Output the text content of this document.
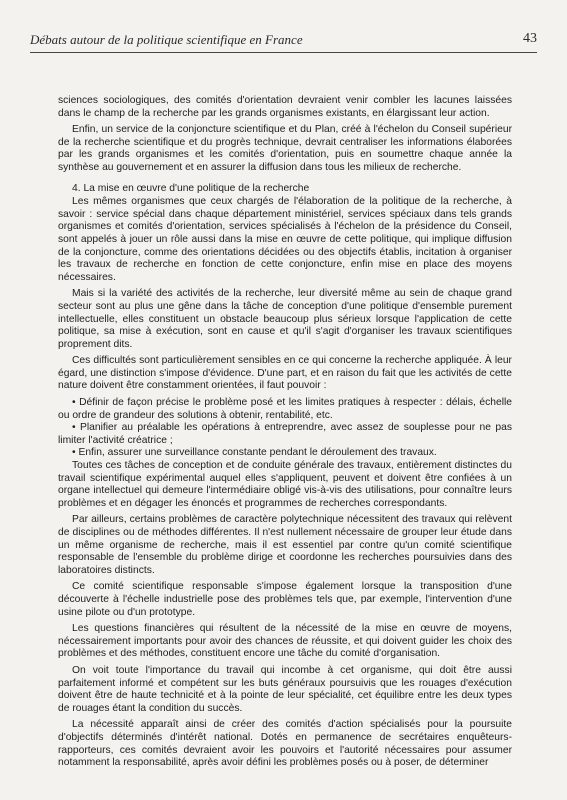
Débats autour de la politique scientifique en France	43

sciences sociologiques, des comités d'orientation devraient venir combler les lacunes laissées dans le champ de la recherche par les grands organismes existants, en élargissant leur action.

Enfin, un service de la conjoncture scientifique et du Plan, créé à l'échelon du Conseil supérieur de la recherche scientifique et du progrès technique, devrait centraliser les informations élaborées par les grands organismes et les comités d'orientation, puis en soumettre chaque année la synthèse au gouvernement et en assurer la diffusion dans tous les milieux de recherche.

4. La mise en œuvre d'une politique de la recherche

Les mêmes organismes que ceux chargés de l'élaboration de la politique de la recherche, à savoir : service spécial dans chaque département ministériel, services spéciaux dans tels grands organismes et comités d'orientation, services spécialisés à l'échelon de la présidence du Conseil, sont appelés à jouer un rôle aussi dans la mise en œuvre de cette politique, qui implique diffusion de la conjoncture, comme des orientations décidées ou des objectifs établis, incitation à organiser les travaux de recherche en fonction de cette conjoncture, enfin mise en place des moyens nécessaires.

Mais si la variété des activités de la recherche, leur diversité même au sein de chaque grand secteur sont au plus une gêne dans la tâche de conception d'une politique d'ensemble purement intellectuelle, elles constituent un obstacle beaucoup plus sérieux lorsque l'application de cette politique, sa mise à exécution, sont en cause et qu'il s'agit d'organiser les travaux scientifiques proprement dits.

Ces difficultés sont particulièrement sensibles en ce qui concerne la recherche appliquée. À leur égard, une distinction s'impose d'évidence. D'une part, et en raison du fait que les activités de cette nature doivent être constamment orientées, il faut pouvoir :

• Définir de façon précise le problème posé et les limites pratiques à respecter : délais, échelle ou ordre de grandeur des solutions à obtenir, rentabilité, etc.

• Planifier au préalable les opérations à entreprendre, avec assez de souplesse pour ne pas limiter l'activité créatrice ;

• Enfin, assurer une surveillance constante pendant le déroulement des travaux.

Toutes ces tâches de conception et de conduite générale des travaux, entièrement distinctes du travail scientifique expérimental auquel elles s'appliquent, peuvent et doivent être confiées à un organe intellectuel qui demeure l'intermédiaire obligé vis-à-vis des utilisations, pour connaître leurs problèmes et en dégager les énoncés et programmes de recherches correspondants.

Par ailleurs, certains problèmes de caractère polytechnique nécessitent des travaux qui relèvent de disciplines ou de méthodes différentes. Il n'est nullement nécessaire de grouper leur étude dans un même organisme de recherche, mais il est essentiel par contre qu'un comité scientifique responsable de l'ensemble du problème dirige et coordonne les recherches poursuivies dans des laboratoires distincts.

Ce comité scientifique responsable s'impose également lorsque la transposition d'une découverte à l'échelle industrielle pose des problèmes tels que, par exemple, l'intervention d'une usine pilote ou d'un prototype.

Les questions financières qui résultent de la nécessité de la mise en œuvre de moyens, nécessairement importants pour avoir des chances de réussite, et qui doivent guider les choix des problèmes et des méthodes, constituent encore une tâche du comité d'organisation.

On voit toute l'importance du travail qui incombe à cet organisme, qui doit être aussi parfaitement informé et compétent sur les buts généraux poursuivis que les rouages d'exécution doivent être de haute technicité et à la pointe de leur spécialité, cet équilibre entre les deux types de rouages étant la condition du succès.

La nécessité apparaît ainsi de créer des comités d'action spécialisés pour la poursuite d'objectifs déterminés d'intérêt national. Dotés en permanence de secrétaires enquêteurs-rapporteurs, ces comités devraient avoir les pouvoirs et l'autorité nécessaires pour assumer notamment la responsabilité, après avoir défini les problèmes posés ou à poser, de déterminer
